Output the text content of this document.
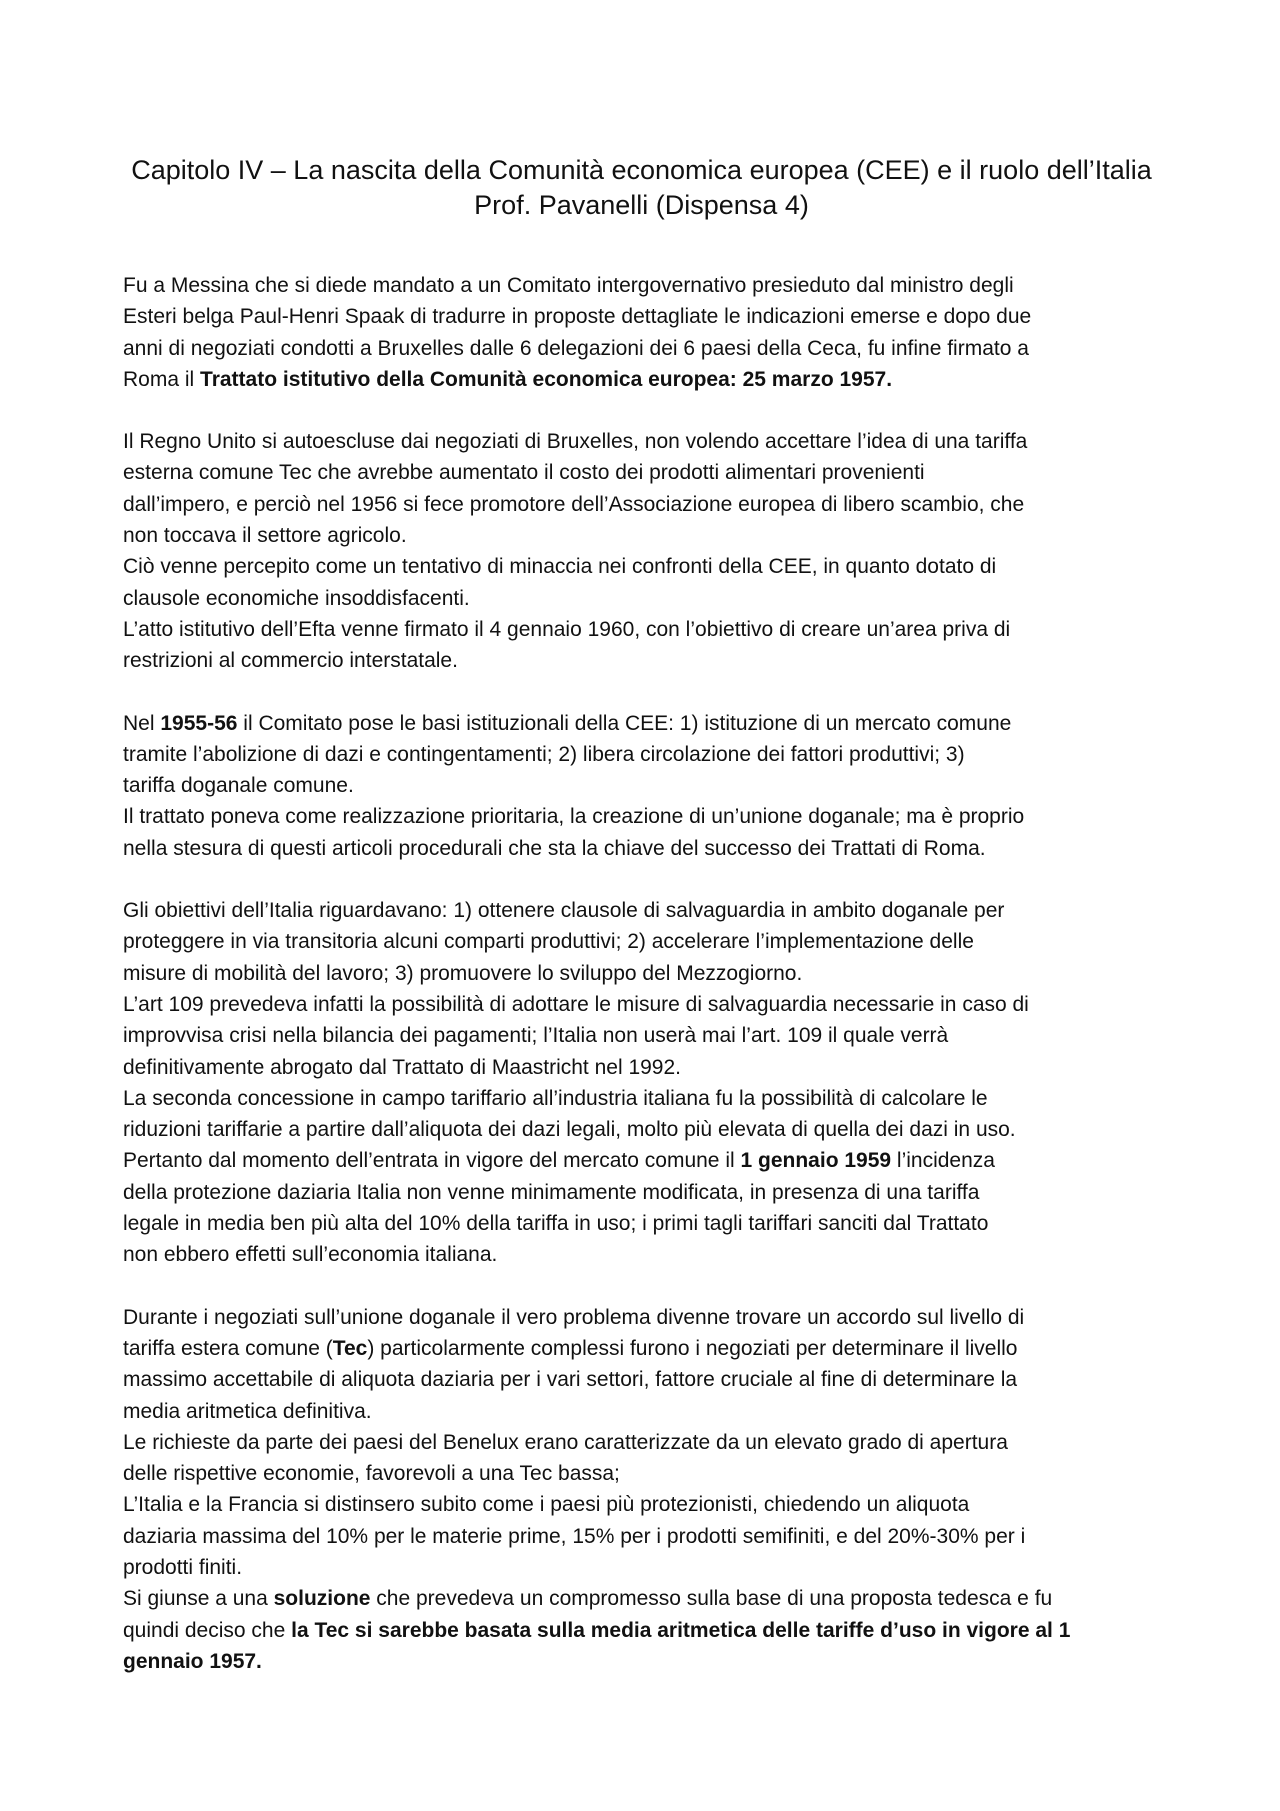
Capitolo IV – La nascita della Comunità economica europea (CEE) e il ruolo dell’Italia
Prof. Pavanelli (Dispensa 4)

Fu a Messina che si diede mandato a un Comitato intergovernativo presieduto dal ministro degli
Esteri belga Paul-Henri Spaak di tradurre in proposte dettagliate le indicazioni emerse e dopo due
anni di negoziati condotti a Bruxelles dalle 6 delegazioni dei 6 paesi della Ceca, fu infine firmato a
Roma il Trattato istitutivo della Comunità economica europea: 25 marzo 1957.

Il Regno Unito si autoescluse dai negoziati di Bruxelles, non volendo accettare l’idea di una tariffa
esterna comune Tec che avrebbe aumentato il costo dei prodotti alimentari provenienti
dall’impero, e perciò nel 1956 si fece promotore dell’Associazione europea di libero scambio, che
non toccava il settore agricolo.

Ciò venne percepito come un tentativo di minaccia nei confronti della CEE, in quanto dotato di
clausole economiche insoddisfacenti.

L’atto istitutivo dell’Efta venne firmato il 4 gennaio 1960, con l’obiettivo di creare un’area priva di
restrizioni al commercio interstatale.

Nel 1955-56 il Comitato pose le basi istituzionali della CEE: 1) istituzione di un mercato comune
tramite l’abolizione di dazi e contingentamenti; 2) libera circolazione dei fattori produttivi; 3)
tariffa doganale comune.

Il trattato poneva come realizzazione prioritaria, la creazione di un’unione doganale; ma è proprio
nella stesura di questi articoli procedurali che sta la chiave del successo dei Trattati di Roma.

Gli obiettivi dell’Italia riguardavano: 1) ottenere clausole di salvaguardia in ambito doganale per
proteggere in via transitoria alcuni comparti produttivi; 2) accelerare l’implementazione delle
misure di mobilità del lavoro; 3) promuovere lo sviluppo del Mezzogiorno.

L’art 109 prevedeva infatti la possibilità di adottare le misure di salvaguardia necessarie in caso di
improvvisa crisi nella bilancia dei pagamenti; l’Italia non userà mai l’art. 109 il quale verrà
definitivamente abrogato dal Trattato di Maastricht nel 1992.

La seconda concessione in campo tariffario all’industria italiana fu la possibilità di calcolare le
riduzioni tariffarie a partire dall’aliquota dei dazi legali, molto più elevata di quella dei dazi in uso.

Pertanto dal momento dell’entrata in vigore del mercato comune il 1 gennaio 1959 l’incidenza
della protezione daziaria Italia non venne minimamente modificata, in presenza di una tariffa
legale in media ben più alta del 10% della tariffa in uso; i primi tagli tariffari sanciti dal Trattato
non ebbero effetti sull’economia italiana.

Durante i negoziati sull’unione doganale il vero problema divenne trovare un accordo sul livello di
tariffa estera comune (Tec) particolarmente complessi furono i negoziati per determinare il livello
massimo accettabile di aliquota daziaria per i vari settori, fattore cruciale al fine di determinare la
media aritmetica definitiva.

Le richieste da parte dei paesi del Benelux erano caratterizzate da un elevato grado di apertura
delle rispettive economie, favorevoli a una Tec bassa;

L’Italia e la Francia si distinsero subito come i paesi più protezionisti, chiedendo un aliquota
daziaria massima del 10% per le materie prime, 15% per i prodotti semifiniti, e del 20%-30% per i
prodotti finiti.

Si giunse a una soluzione che prevedeva un compromesso sulla base di una proposta tedesca e fu
quindi deciso che la Tec si sarebbe basata sulla media aritmetica delle tariffe d’uso in vigore al 1
gennaio 1957.
